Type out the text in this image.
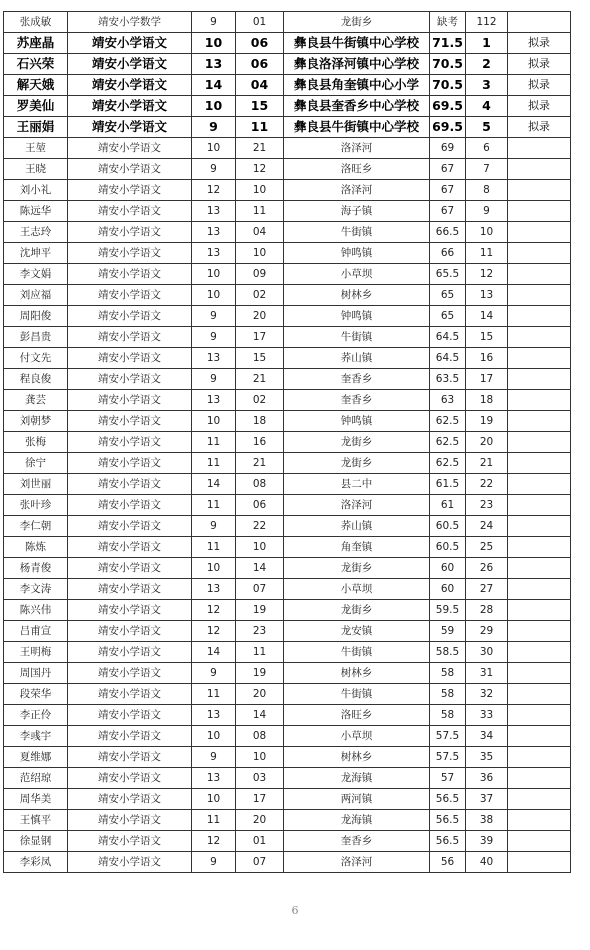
张成敏	靖安小学数学	9	01	龙街乡	缺考	112	
苏座晶	靖安小学语文	10	06	彝良县牛街镇中心学校	71.5	1	拟录
石兴荣	靖安小学语文	13	06	彝良洛泽河镇中心学校	70.5	2	拟录
解天娥	靖安小学语文	14	04	彝良县角奎镇中心小学	70.5	3	拟录
罗美仙	靖安小学语文	10	15	彝良县奎香乡中心学校	69.5	4	拟录
王丽娟	靖安小学语文	9	11	彝良县牛街镇中心学校	69.5	5	拟录
王堃	靖安小学语文	10	21	洛泽河	69	6	
王晓	靖安小学语文	9	12	洛旺乡	67	7	
刘小礼	靖安小学语文	12	10	洛泽河	67	8	
陈远华	靖安小学语文	13	11	海子镇	67	9	
王志玲	靖安小学语文	13	04	牛街镇	66.5	10	
沈坤平	靖安小学语文	13	10	钟鸣镇	66	11	
李文娟	靖安小学语文	10	09	小草坝	65.5	12	
刘应福	靖安小学语文	10	02	树林乡	65	13	
周阳俊	靖安小学语文	9	20	钟鸣镇	65	14	
彭昌贵	靖安小学语文	9	17	牛街镇	64.5	15	
付文先	靖安小学语文	13	15	荞山镇	64.5	16	
程良俊	靖安小学语文	9	21	奎香乡	63.5	17	
龚芸	靖安小学语文	13	02	奎香乡	63	18	
刘朝梦	靖安小学语文	10	18	钟鸣镇	62.5	19	
张梅	靖安小学语文	11	16	龙街乡	62.5	20	
徐宁	靖安小学语文	11	21	龙街乡	62.5	21	
刘世丽	靖安小学语文	14	08	县二中	61.5	22	
张叶珍	靖安小学语文	11	06	洛泽河	61	23	
李仁朝	靖安小学语文	9	22	荞山镇	60.5	24	
陈炼	靖安小学语文	11	10	角奎镇	60.5	25	
杨青俊	靖安小学语文	10	14	龙街乡	60	26	
李文涛	靖安小学语文	13	07	小草坝	60	27	
陈兴伟	靖安小学语文	12	19	龙街乡	59.5	28	
吕甫宣	靖安小学语文	12	23	龙安镇	59	29	
王明梅	靖安小学语文	14	11	牛街镇	58.5	30	
周国丹	靖安小学语文	9	19	树林乡	58	31	
段荣华	靖安小学语文	11	20	牛街镇	58	32	
李正伶	靖安小学语文	13	14	洛旺乡	58	33	
李彧宇	靖安小学语文	10	08	小草坝	57.5	34	
夏维娜	靖安小学语文	9	10	树林乡	57.5	35	
范绍琼	靖安小学语文	13	03	龙海镇	57	36	
周华美	靖安小学语文	10	17	两河镇	56.5	37	
王慎平	靖安小学语文	11	20	龙海镇	56.5	38	
徐显钢	靖安小学语文	12	01	奎香乡	56.5	39	
李彩凤	靖安小学语文	9	07	洛泽河	56	40	
6
